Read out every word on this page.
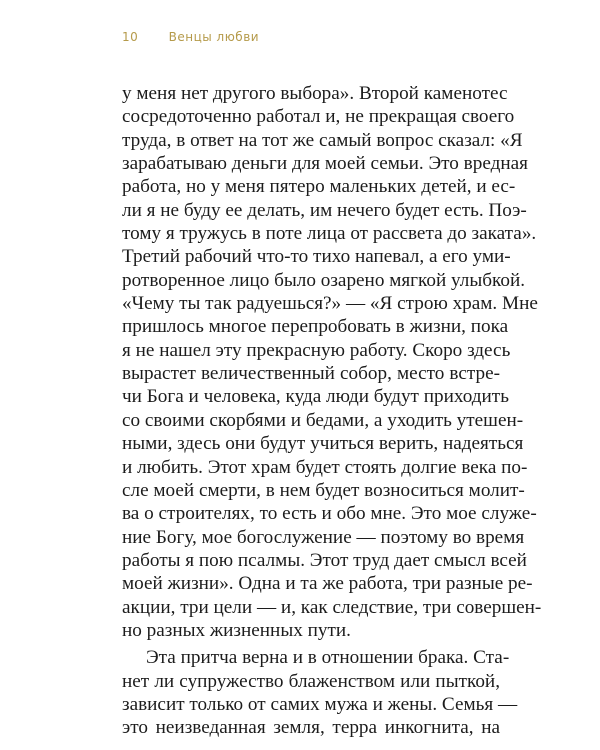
10	Венцы любви
у меня нет другого выбора». Второй каменотес
сосредоточенно работал и, не прекращая своего
труда, в ответ на тот же самый вопрос сказал: «Я
зарабатываю деньги для моей семьи. Это вредная
работа, но у меня пятеро маленьких детей, и ес-
ли я не буду ее делать, им нечего будет есть. Поэ-
тому я тружусь в поте лица от рассвета до заката».
Третий рабочий что-то тихо напевал, а его уми-
ротворенное лицо было озарено мягкой улыбкой.
«Чему ты так радуешься?» — «Я строю храм. Мне
пришлось многое перепробовать в жизни, пока
я не нашел эту прекрасную работу. Скоро здесь
вырастет величественный собор, место встре-
чи Бога и человека, куда люди будут приходить
со своими скорбями и бедами, а уходить утешен-
ными, здесь они будут учиться верить, надеяться
и любить. Этот храм будет стоять долгие века по-
сле моей смерти, в нем будет возноситься молит-
ва о строителях, то есть и обо мне. Это мое служе-
ние Богу, мое богослужение — поэтому во время
работы я пою псалмы. Этот труд дает смысл всей
моей жизни». Одна и та же работа, три разные ре-
акции, три цели — и, как следствие, три совершен-
но разных жизненных пути.
Эта притча верна и в отношении брака. Ста-
нет ли супружество блаженством или пыткой,
зависит только от самих мужа и жены. Семья —
это неизведанная земля, терра инкогнита, на
